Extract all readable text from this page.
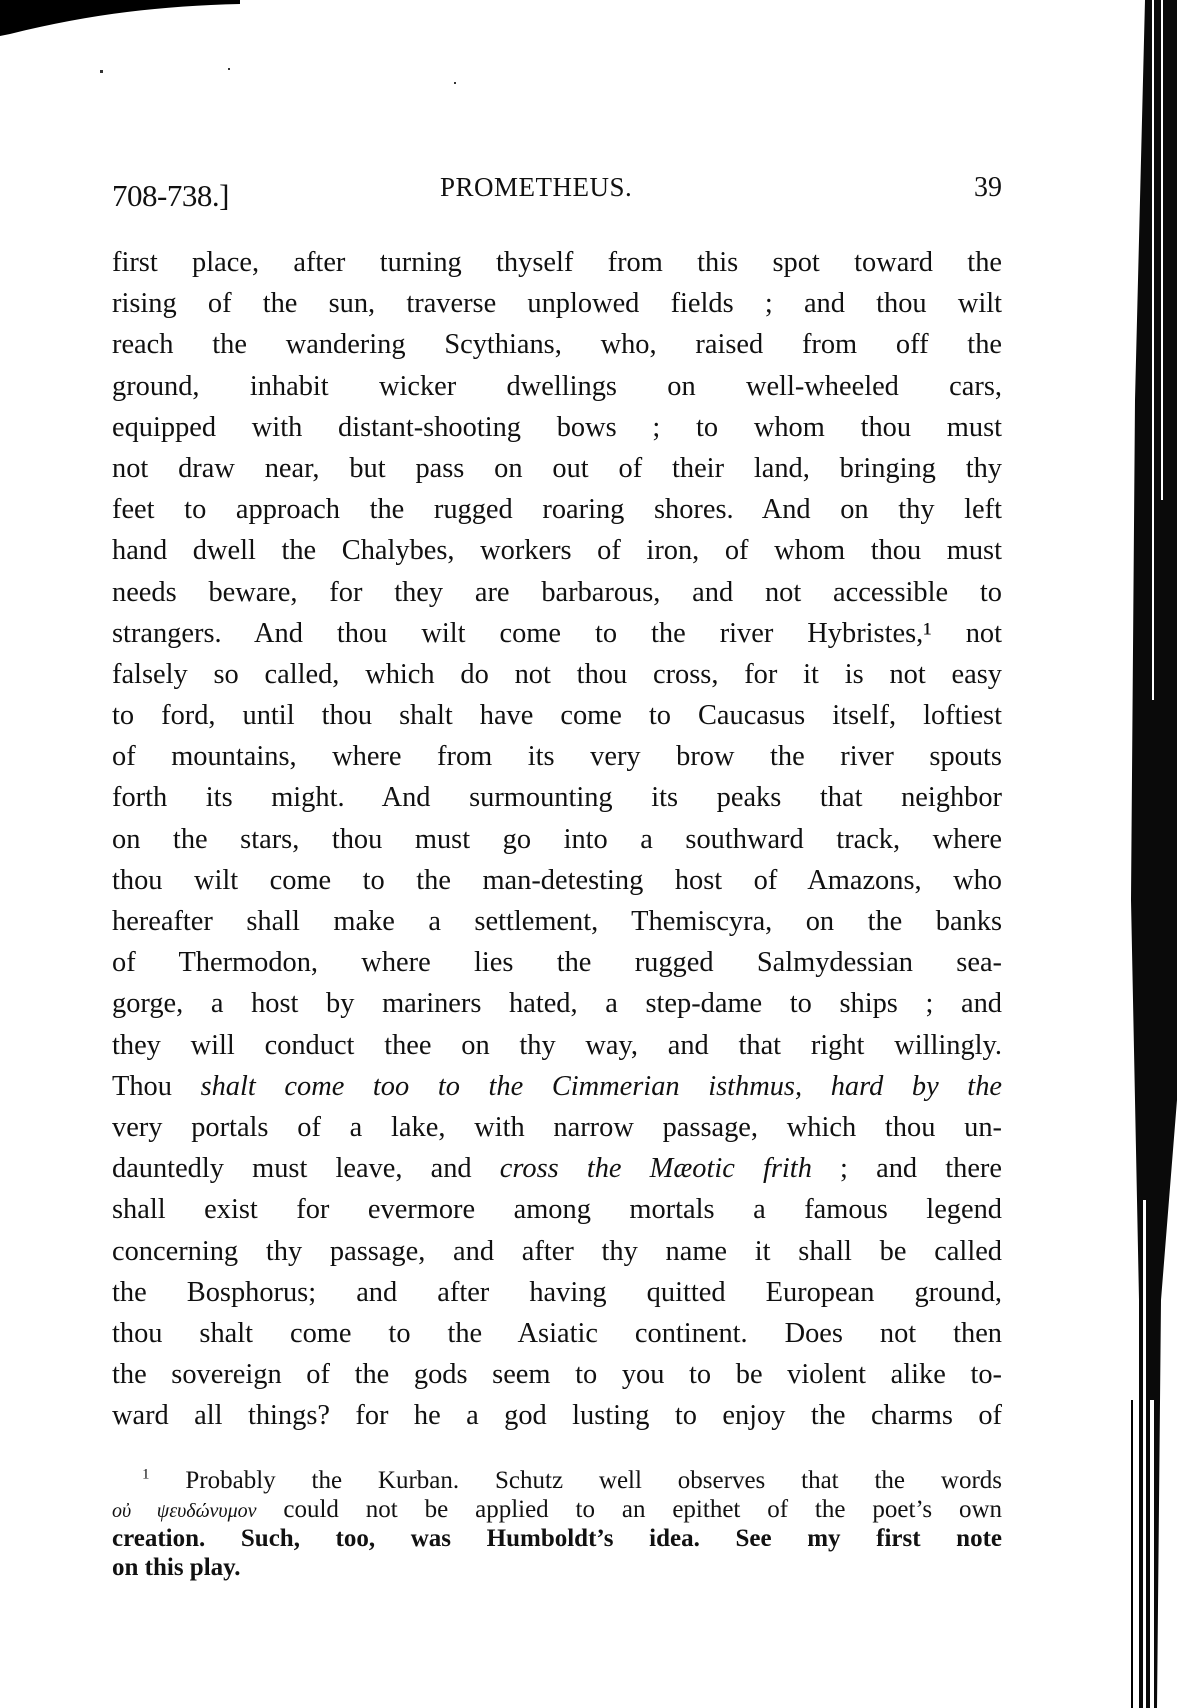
708-738.]	PROMETHEUS.	39
first place, after turning thyself from this spot toward the
rising of the sun, traverse unplowed fields ; and thou wilt
reach the wandering Scythians, who, raised from off the
ground, inhabit wicker dwellings on well-wheeled cars,
equipped with distant-shooting bows ; to whom thou must
not draw near, but pass on out of their land, bringing thy
feet to approach the rugged roaring shores. And on thy left
hand dwell the Chalybes, workers of iron, of whom thou must
needs beware, for they are barbarous, and not accessible to
strangers. And thou wilt come to the river Hybristes,¹ not
falsely so called, which do not thou cross, for it is not easy
to ford, until thou shalt have come to Caucasus itself, loftiest
of mountains, where from its very brow the river spouts
forth its might. And surmounting its peaks that neighbor
on the stars, thou must go into a southward track, where
thou wilt come to the man-detesting host of Amazons, who
hereafter shall make a settlement, Themiscyra, on the banks
of Thermodon, where lies the rugged Salmydessian sea-
gorge, a host by mariners hated, a step-dame to ships ; and
they will conduct thee on thy way, and that right willingly.
Thou shalt come too to the Cimmerian isthmus, hard by the
very portals of a lake, with narrow passage, which thou un-
dauntedly must leave, and cross the Mæotic frith ; and there
shall exist for evermore among mortals a famous legend
concerning thy passage, and after thy name it shall be called
the Bosphorus; and after having quitted European ground,
thou shalt come to the Asiatic continent. Does not then
the sovereign of the gods seem to you to be violent alike to-
ward all things? for he a god lusting to enjoy the charms of
$^1$ Probably the Kurban. Schutz well observes that the words
οὐ ψευδώνυμον could not be applied to an epithet of the poet’s own
creation. Such, too, was Humboldt’s idea. See my first note
on this play.
